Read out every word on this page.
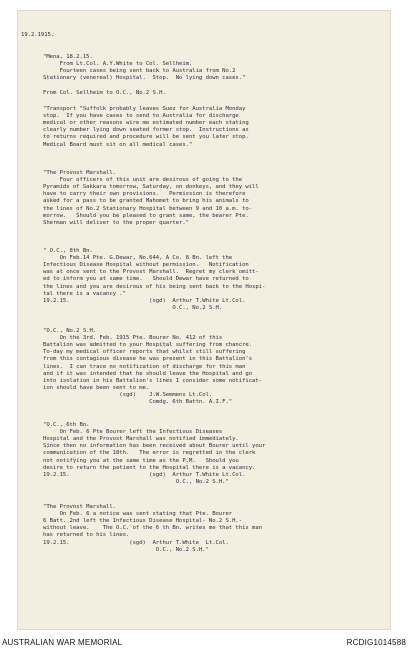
19.2.1915.
"Mena, 18.2.15.
From Lt.Col. A.Y.White to Col. Sellheim.
Fourteen cases being sent back to Australia from No.2
Stationary (venereal) Hospital.  Stop.  No lying down cases."
From Col. Sellheim to O.C., No.2 S.H.
"Transport "Suffolk probably leaves Suez for Australia Monday
stop.  If you have cases to send to Australia for discharge
medical or other reasons wire me estimated number each stating
clearly number lying down seated former stop.  Instructions as
to returns required and procedure will be sent you later stop.
Medical Board must sit on all medical cases."
"The Provost Marshall.
Four officers of this unit are desirous of going to the
Pyramids of Sakkara tomorrow, Saturday, on donkeys, and they will
have to carry their own provisions.   Permission is therefore
asked for a pass to be granted Mahomet to bring his animals to
the lines of No.2 Stationary Hospital between 9 and 10 a.m. to-
morrow.   Should you be pleased to grant same, the bearer Pte.
Sherman will deliver to the proper quarter."
" O.C., 8th Bn.
On Feb.14 Pte. G.Dewar, No.644, A Co. 8 Bn. left the
Infectious Disease Hospital without permission.   Notification
was at once sent to the Provost Marshall.  Regret my clerk omitt-
ed to inform you at same time.   Should Dewar have returned to
the lines and you are desirous of his being sent back to the Hospi-
tal there is a vacancy ."
19.2.15.                        (sgd)  Arthur T.White Lt.Col.
O.C., No.2 S.H.
"O.C., No.2 S.H.
On the 3rd. Feb. 1915 Pte. Bourer No. 412 of this
Battalion was admitted to your Hospital suffering from chancre.
To-day my medical officer reports that whilst still suffering
from this contagious disease he was present in this Battalion's
lines.  I can trace no notification of discharge for this man
and if it was intended that he should leave the Hospital and go
into isolation in his Battalion's lines I consider some notificat-
ion should have been sent to me.
(sgd)    J.W.Semmens Lt.Col.
Comdg. 6th Battn. A.I.F."
"O.C., 6th Bn.
On Feb. 6 Pte Bourer left the Infectious Diseases
Hospital and the Provost Marshall was notified immediately.
Since then no information has been received about Bourer until your
communication of the 18th.   The error is regretted in the clerk
not notifying you at the same time as the P.M.   Should you
desire to return the patient to the Hospital there is a vacancy.
19.2.15.                        (sgd)  Arthur T.White Lt.Col.
O.C., No.2 S.H."
"The Provost Marshall.
On Feb. 6 a notice was sent stating that Pte. Bourer
6 Batt. 2nd left the Infectious Disease Hospital- No.2 S.H.-
without leave.    The O.C. of the 6 th Bn. writes me that this man
has returned to his lines.
19.2.15.                  (sgd)  Arthur T.White  Lt.Col.
O.C., No.2 S.H."
AUSTRALIAN WAR MEMORIAL	RCDIG1014588
